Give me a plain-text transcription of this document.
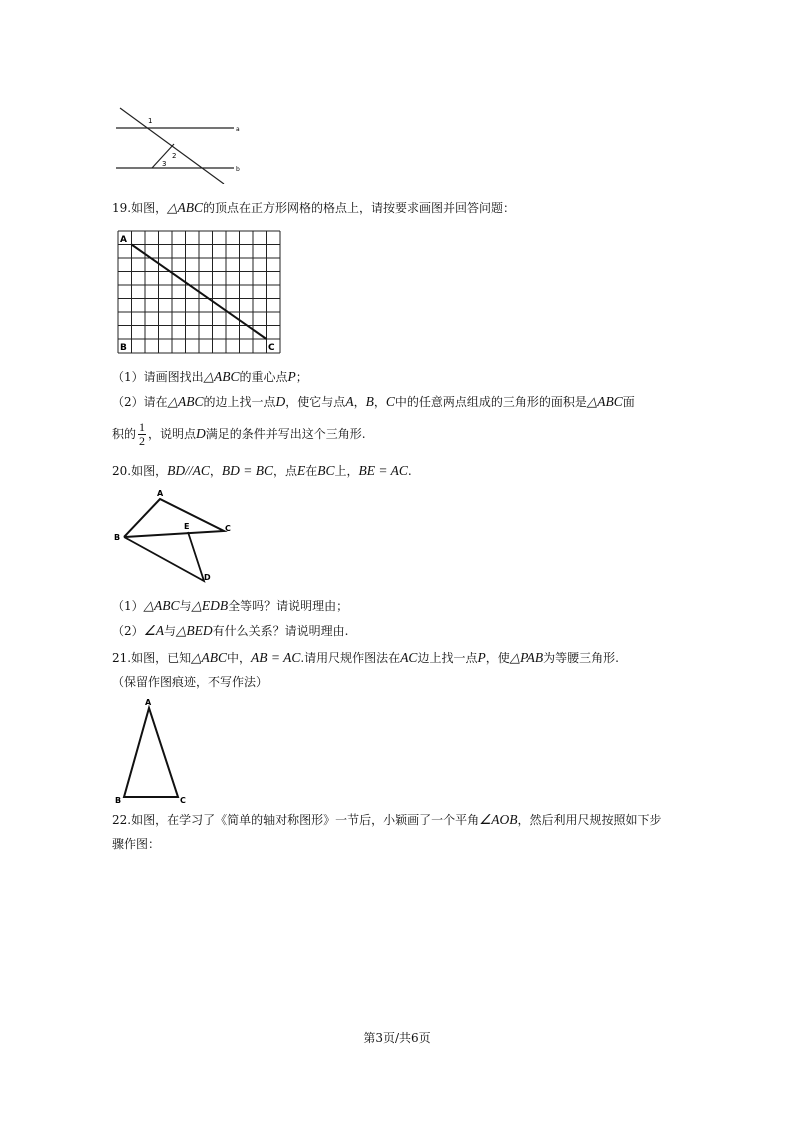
1
2
3
a
b
19.如图，△ABC的顶点在正方形网格的格点上，请按要求画图并回答问题：
A
B	C
（1）请画图找出△ABC的重心点P；
（2）请在△ABC的边上找一点D，使它与点A，B，C中的任意两点组成的三角形的面积是△ABC面
积的 $\frac{1}{2}$ ，说明点D满足的条件并写出这个三角形.
20.如图，BD//AC，BD = BC，点E在BC上，BE = AC.
A
B
C
E
D
（1）△ABC与△EDB全等吗？请说明理由；
（2）∠A与△BED有什么关系？请说明理由.
21.如图，已知△ABC中，AB = AC.请用尺规作图法在AC边上找一点P，使△PAB为等腰三角形.
（保留作图痕迹，不写作法）
A
B	C
22.如图，在学习了《简单的轴对称图形》一节后，小颖画了一个平角∠AOB，然后利用尺规按照如下步
骤作图：
第3页/共6页
